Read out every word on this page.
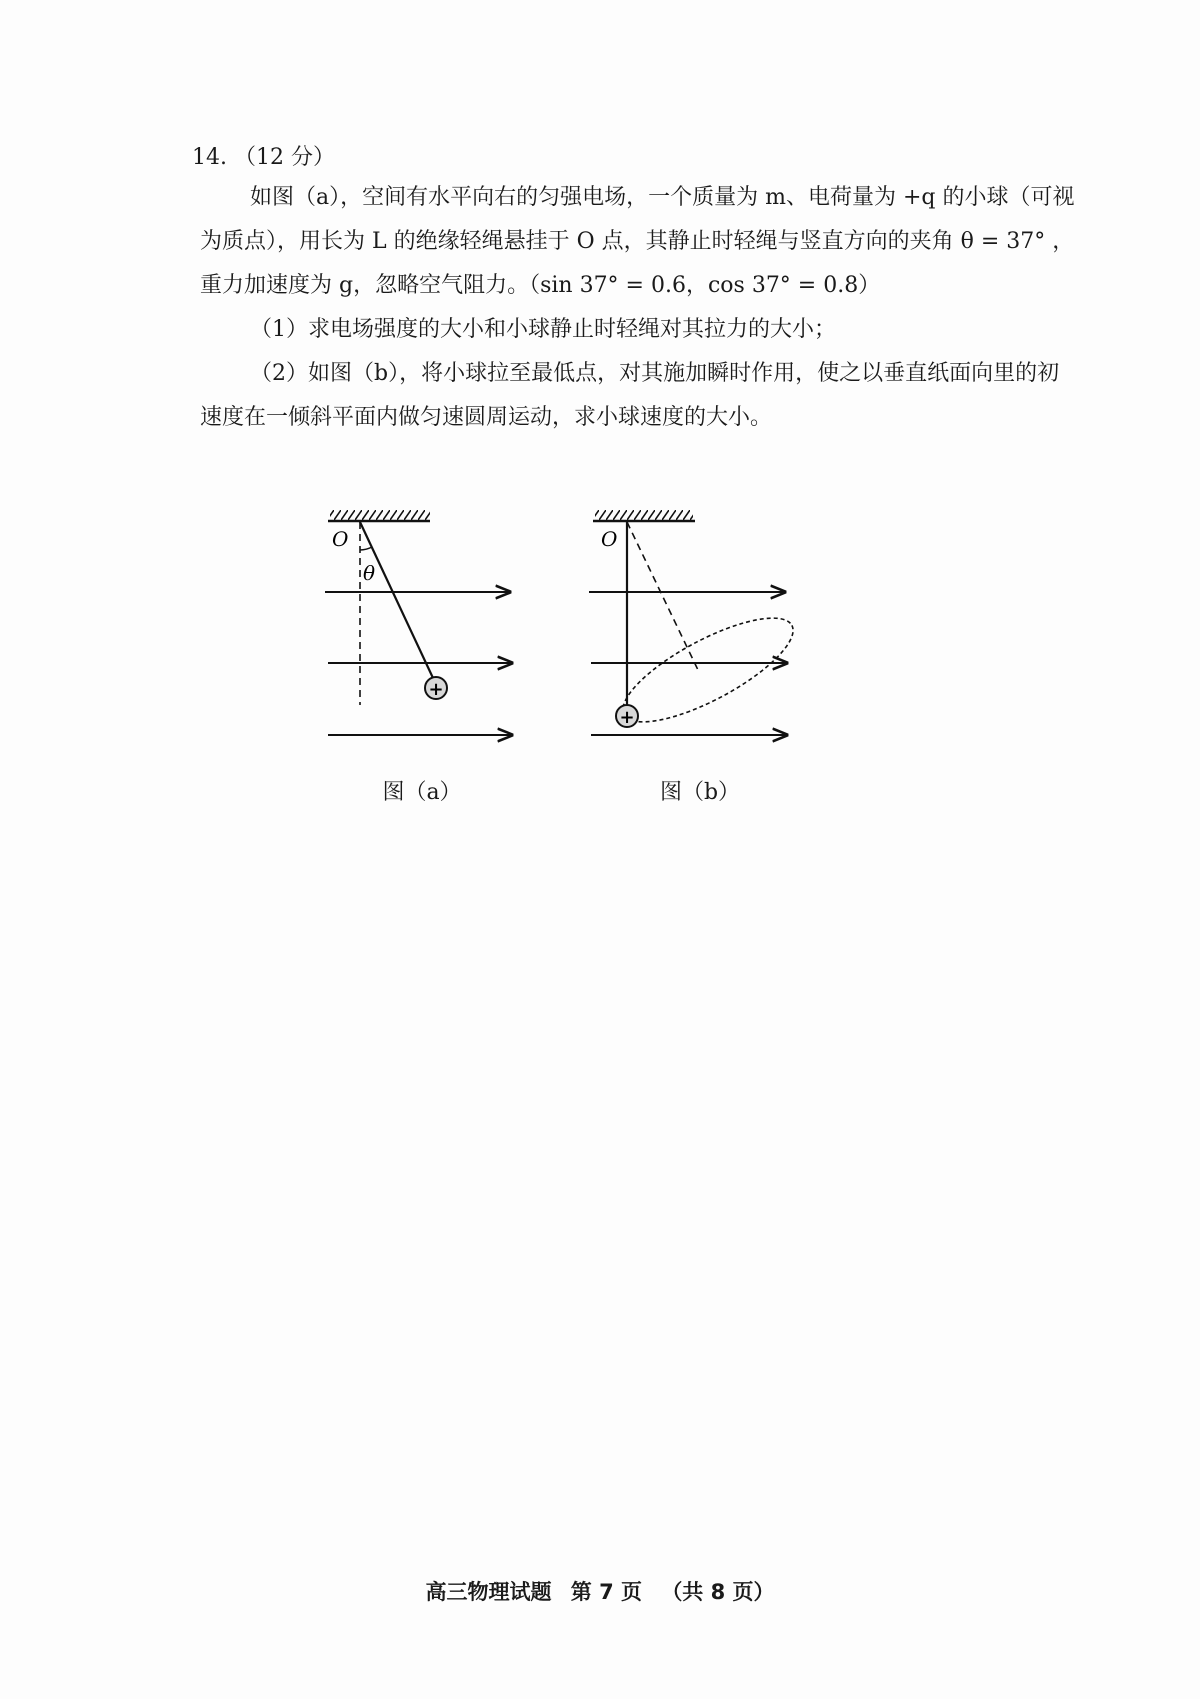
14. （12 分）
如图（a），空间有水平向右的匀强电场，一个质量为 m、电荷量为 +q 的小球（可视为质点），用长为 L 的绝缘轻绳悬挂于 O 点，其静止时轻绳与竖直方向的夹角 θ = 37° ，重力加速度为 g，忽略空气阻力。（sin 37° = 0.6，cos 37° = 0.8）
（1）求电场强度的大小和小球静止时轻绳对其拉力的大小；
（2）如图（b），将小球拉至最低点，对其施加瞬时作用，使之以垂直纸面向里的初速度在一倾斜平面内做匀速圆周运动，求小球速度的大小。
O
θ
+
O
+
图（a）	图（b）
高三物理试题 第 7 页 （共 8 页）
